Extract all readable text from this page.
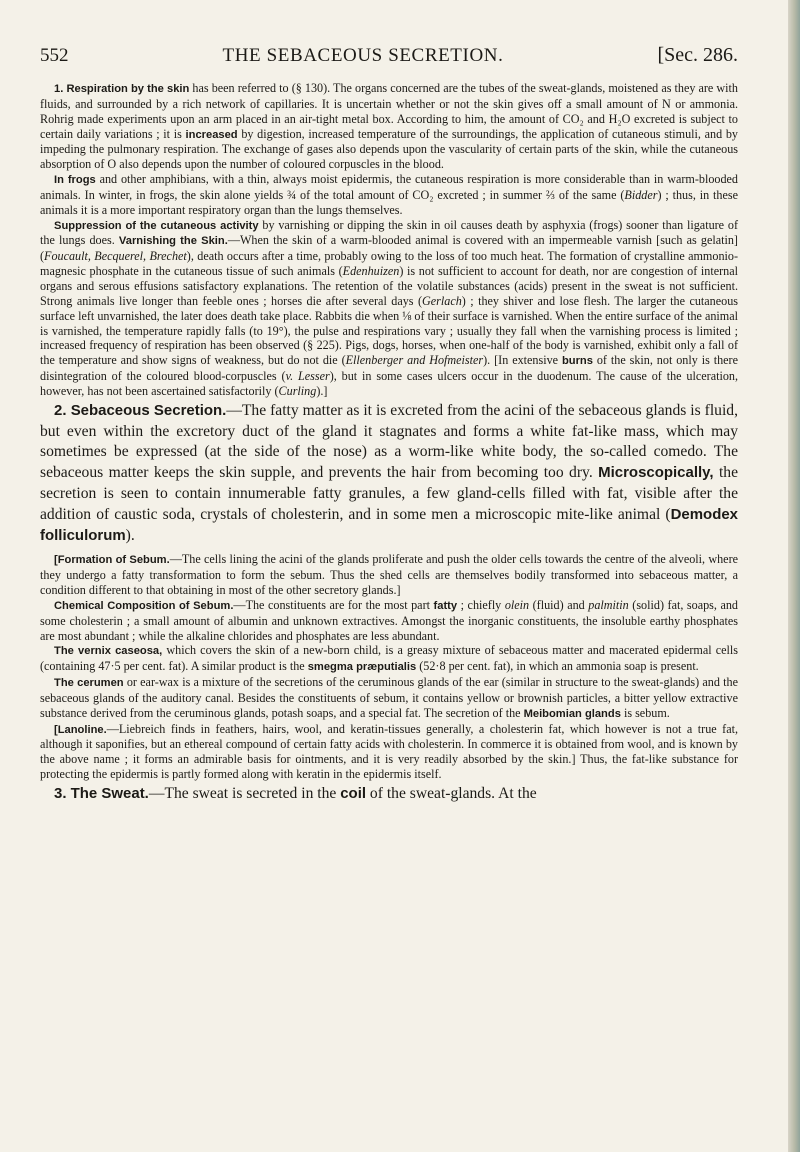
552	THE SEBACEOUS SECRETION.	[Sec. 286.

1. Respiration by the skin has been referred to (§ 130). The organs concerned are the tubes of the sweat-glands, moistened as they are with fluids, and surrounded by a rich network of capillaries. It is uncertain whether or not the skin gives off a small amount of N or ammonia. Rohrig made experiments upon an arm placed in an air-tight metal box. According to him, the amount of CO₂ and H₂O excreted is subject to certain daily variations ; it is increased by digestion, increased temperature of the surroundings, the application of cutaneous stimuli, and by impeding the pulmonary respiration. The exchange of gases also depends upon the vascularity of certain parts of the skin, while the cutaneous absorption of O also depends upon the number of coloured corpuscles in the blood.

In frogs and other amphibians, with a thin, always moist epidermis, the cutaneous respiration is more considerable than in warm-blooded animals. In winter, in frogs, the skin alone yields ¾ of the total amount of CO₂ excreted ; in summer ⅔ of the same (Bidder) ; thus, in these animals it is a more important respiratory organ than the lungs themselves.

Suppression of the cutaneous activity by varnishing or dipping the skin in oil causes death by asphyxia (frogs) sooner than ligature of the lungs does. Varnishing the Skin.—When the skin of a warm-blooded animal is covered with an impermeable varnish [such as gelatin] (Foucault, Becquerel, Brechet), death occurs after a time, probably owing to the loss of too much heat. The formation of crystalline ammonio-magnesic phosphate in the cutaneous tissue of such animals (Edenhuizen) is not sufficient to account for death, nor are congestion of internal organs and serous effusions satisfactory explanations. The retention of the volatile substances (acids) present in the sweat is not sufficient. Strong animals live longer than feeble ones ; horses die after several days (Gerlach) ; they shiver and lose flesh. The larger the cutaneous surface left unvarnished, the later does death take place. Rabbits die when ⅛ of their surface is varnished. When the entire surface of the animal is varnished, the temperature rapidly falls (to 19°), the pulse and respirations vary ; usually they fall when the varnishing process is limited ; increased frequency of respiration has been observed (§ 225). Pigs, dogs, horses, when one-half of the body is varnished, exhibit only a fall of the temperature and show signs of weakness, but do not die (Ellenberger and Hofmeister). [In extensive burns of the skin, not only is there disintegration of the coloured blood-corpuscles (v. Lesser), but in some cases ulcers occur in the duodenum. The cause of the ulceration, however, has not been ascertained satisfactorily (Curling).]

2. Sebaceous Secretion.—The fatty matter as it is excreted from the acini of the sebaceous glands is fluid, but even within the excretory duct of the gland it stagnates and forms a white fat-like mass, which may sometimes be expressed (at the side of the nose) as a worm-like white body, the so-called comedo. The sebaceous matter keeps the skin supple, and prevents the hair from becoming too dry. Microscopically, the secretion is seen to contain innumerable fatty granules, a few gland-cells filled with fat, visible after the addition of caustic soda, crystals of cholesterin, and in some men a microscopic mite-like animal (Demodex folliculorum).

[Formation of Sebum.—The cells lining the acini of the glands proliferate and push the older cells towards the centre of the alveoli, where they undergo a fatty transformation to form the sebum. Thus the shed cells are themselves bodily transformed into sebaceous matter, a condition different to that obtaining in most of the other secretory glands.]

Chemical Composition of Sebum.—The constituents are for the most part fatty ; chiefly olein (fluid) and palmitin (solid) fat, soaps, and some cholesterin ; a small amount of albumin and unknown extractives. Amongst the inorganic constituents, the insoluble earthy phosphates are most abundant ; while the alkaline chlorides and phosphates are less abundant.

The vernix caseosa, which covers the skin of a new-born child, is a greasy mixture of sebaceous matter and macerated epidermal cells (containing 47·5 per cent. fat). A similar product is the smegma præputialis (52·8 per cent. fat), in which an ammonia soap is present.

The cerumen or ear-wax is a mixture of the secretions of the ceruminous glands of the ear (similar in structure to the sweat-glands) and the sebaceous glands of the auditory canal. Besides the constituents of sebum, it contains yellow or brownish particles, a bitter yellow extractive substance derived from the ceruminous glands, potash soaps, and a special fat. The secretion of the Meibomian glands is sebum.

[Lanoline.—Liebreich finds in feathers, hairs, wool, and keratin-tissues generally, a cholesterin fat, which however is not a true fat, although it saponifies, but an ethereal compound of certain fatty acids with cholesterin. In commerce it is obtained from wool, and is known by the above name ; it forms an admirable basis for ointments, and it is very readily absorbed by the skin.] Thus, the fat-like substance for protecting the epidermis is partly formed along with keratin in the epidermis itself.

3. The Sweat.—The sweat is secreted in the coil of the sweat-glands. At the
